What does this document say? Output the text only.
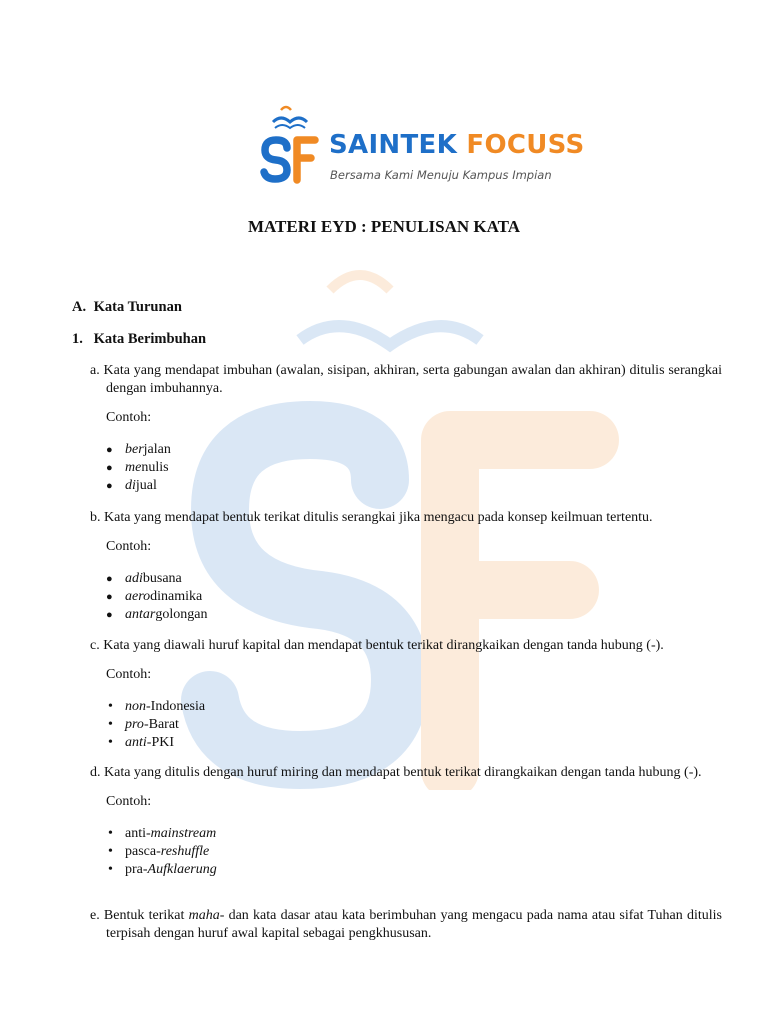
SAINTEK FOCUSS
Bersama Kami Menuju Kampus Impian
MATERI EYD : PENULISAN KATA
A. Kata Turunan
1. Kata Berimbuhan
a. Kata yang mendapat imbuhan (awalan, sisipan, akhiran, serta gabungan awalan dan akhiran) ditulis serangkai dengan imbuhannya.
Contoh:
● berjalan
● menulis
● dijual
b. Kata yang mendapat bentuk terikat ditulis serangkai jika mengacu pada konsep keilmuan tertentu.
Contoh:
● adibusana
● aerodinamika
● antargolongan
c. Kata yang diawali huruf kapital dan mendapat bentuk terikat dirangkaikan dengan tanda hubung (-).
Contoh:
• non-Indonesia
• pro-Barat
• anti-PKI
d. Kata yang ditulis dengan huruf miring dan mendapat bentuk terikat dirangkaikan dengan tanda hubung (-).
Contoh:
• anti-mainstream
• pasca-reshuffle
• pra-Aufklaerung
e. Bentuk terikat maha- dan kata dasar atau kata berimbuhan yang mengacu pada nama atau sifat Tuhan ditulis terpisah dengan huruf awal kapital sebagai pengkhususan.
